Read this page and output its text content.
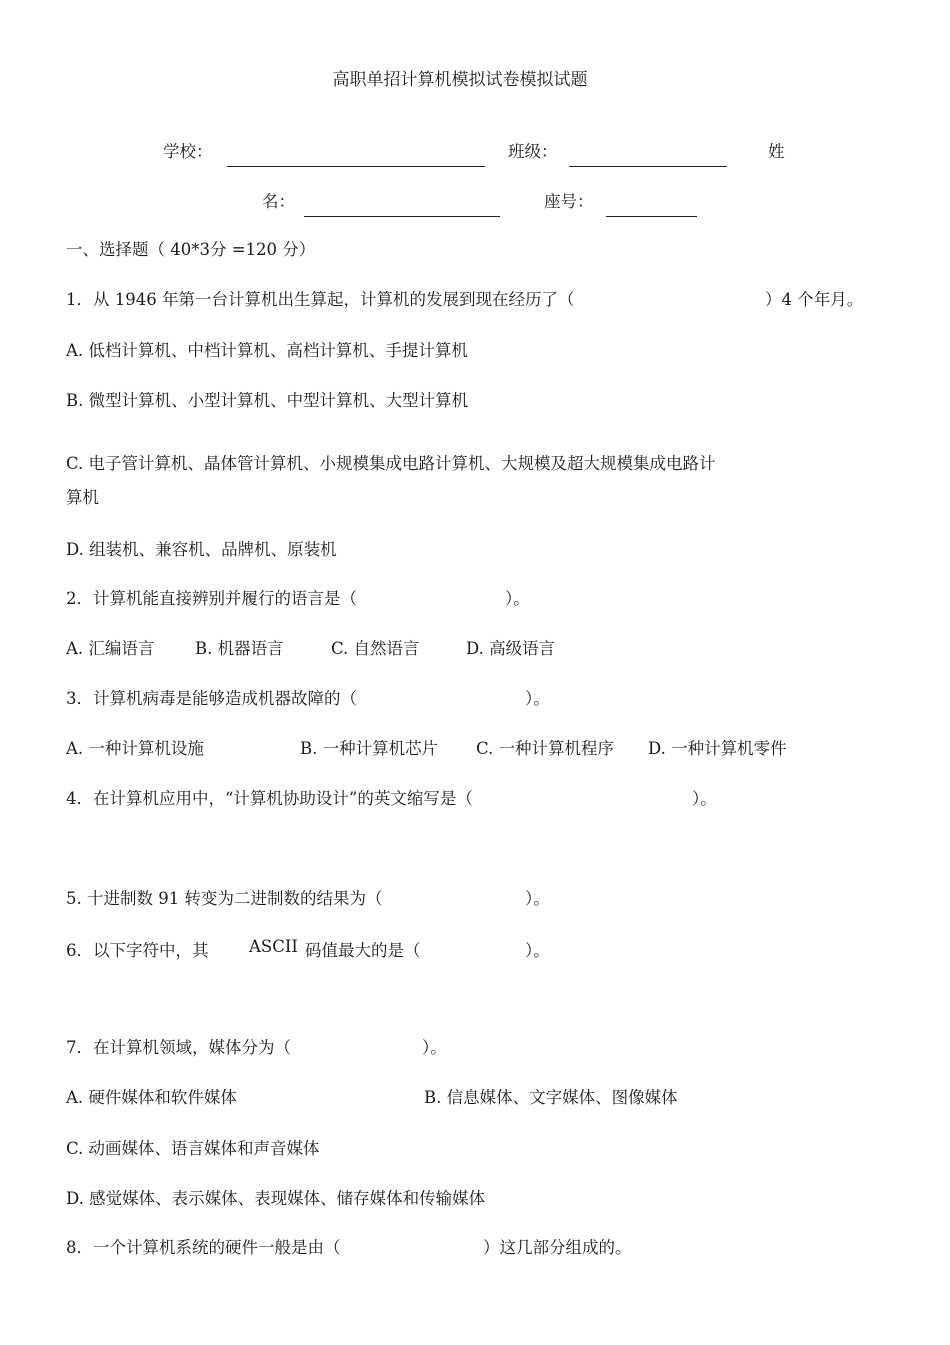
高职单招计算机模拟试卷模拟试题
学校：	班级：	姓
名：	座号：
一、选择题（ 40*3分 =120 分）
1．从 1946 年第一台计算机出生算起，计算机的发展到现在经历了（	）4 个年月。
A. 低档计算机、中档计算机、高档计算机、手提计算机
B. 微型计算机、小型计算机、中型计算机、大型计算机
C. 电子管计算机、晶体管计算机、小规模集成电路计算机、大规模及超大规模集成电路计
算机
D. 组装机、兼容机、品牌机、原装机
2．计算机能直接辨别并履行的语言是（	）。
A. 汇编语言 B. 机器语言	C. 自然语言	D. 高级语言
3．计算机病毒是能够造成机器故障的（	）。
A. 一种计算机设施	B. 一种计算机芯片 C. 一种计算机程序 D. 一种计算机零件
4．在计算机应用中，“计算机协助设计”的英文缩写是（	）。
5. 十进制数 91 转变为二进制数的结果为（	）。
6．以下字符中，其 ASCII 码值最大的是（	）。
7．在计算机领域，媒体分为（	）。
A. 硬件媒体和软件媒体	B. 信息媒体、文字媒体、图像媒体
C. 动画媒体、语言媒体和声音媒体
D. 感觉媒体、表示媒体、表现媒体、储存媒体和传输媒体
8．一个计算机系统的硬件一般是由（	）这几部分组成的。
